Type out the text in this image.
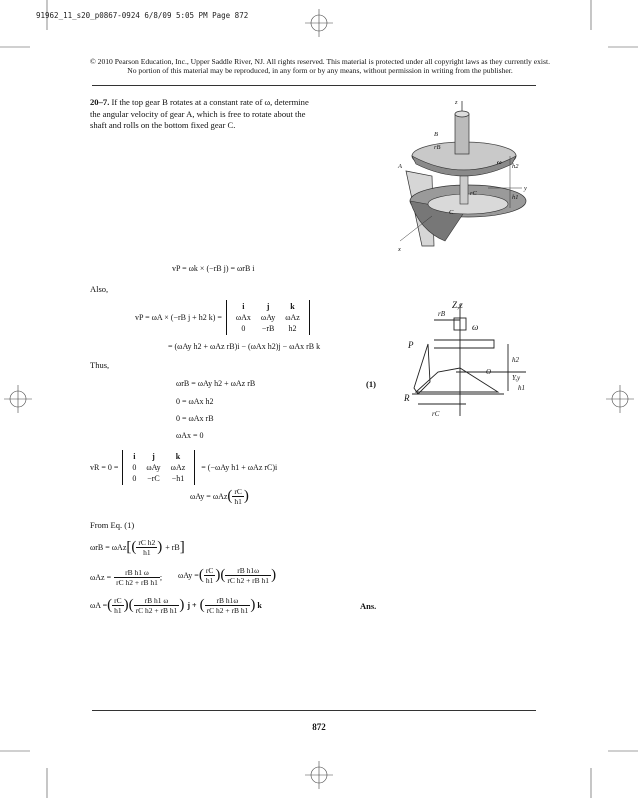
91962_11_s20_p0867-0924 6/8/09 5:05 PM Page 872
© 2010 Pearson Education, Inc., Upper Saddle River, NJ. All rights reserved. This material is protected under all copyright laws as they currently exist. No portion of this material may be reproduced, in any form or by any means, without permission in writing from the publisher.
20–7. If the top gear B rotates at a constant rate of ω, determine the angular velocity of gear A, which is free to rotate about the shaft and rolls on the bottom fixed gear C.
z
B
rB
A
ω
h2
y
h1
rC
C
x
Z,z
rB
ω
P
h2
O
Y,y
h1
R
rC
vP = ωk × (−rB j) = ωrB i
Also,
vP = ωA × (−rB j + h2 k) =
i	j	k
ωAx	ωAy	ωAz
0	−rB	h2
= (ωAy h2 + ωAz rB)i − (ωAx h2)j − ωAx rB k
Thus,
ωrB = ωAy h2 + ωAz rB	(1)
0 = ωAx h2
0 = ωAx rB
ωAx = 0
vR = 0 =
i	j	k
0	ωAy	ωAz
0	−rC	−h1
= (−ωAy h1 + ωAz rC)i
ωAy = ωAz ( $\frac{rC}{h1}$ )
From Eq. (1)
ωrB = ωAz [( $\frac{\text{rC h2}}{h1}$ ) + rB ]
$\omega Az = \frac{\text{rB h1 ω}}{\text{rC h2 + rB h1}}$ ; ωAy = ( $\frac{rC}{h1}$ )( $\frac{\text{rB h1ω}}{\text{rC h2 + rB h1}}$ )
ωA = ( $\frac{rC}{h1}$ )( $\frac{\text{rB h1 ω}}{\text{rC h2 + rB h1}}$ ) j + ( $\frac{\text{rB h1ω}}{\text{rC h2 + rB h1}}$ ) k	Ans.
872
